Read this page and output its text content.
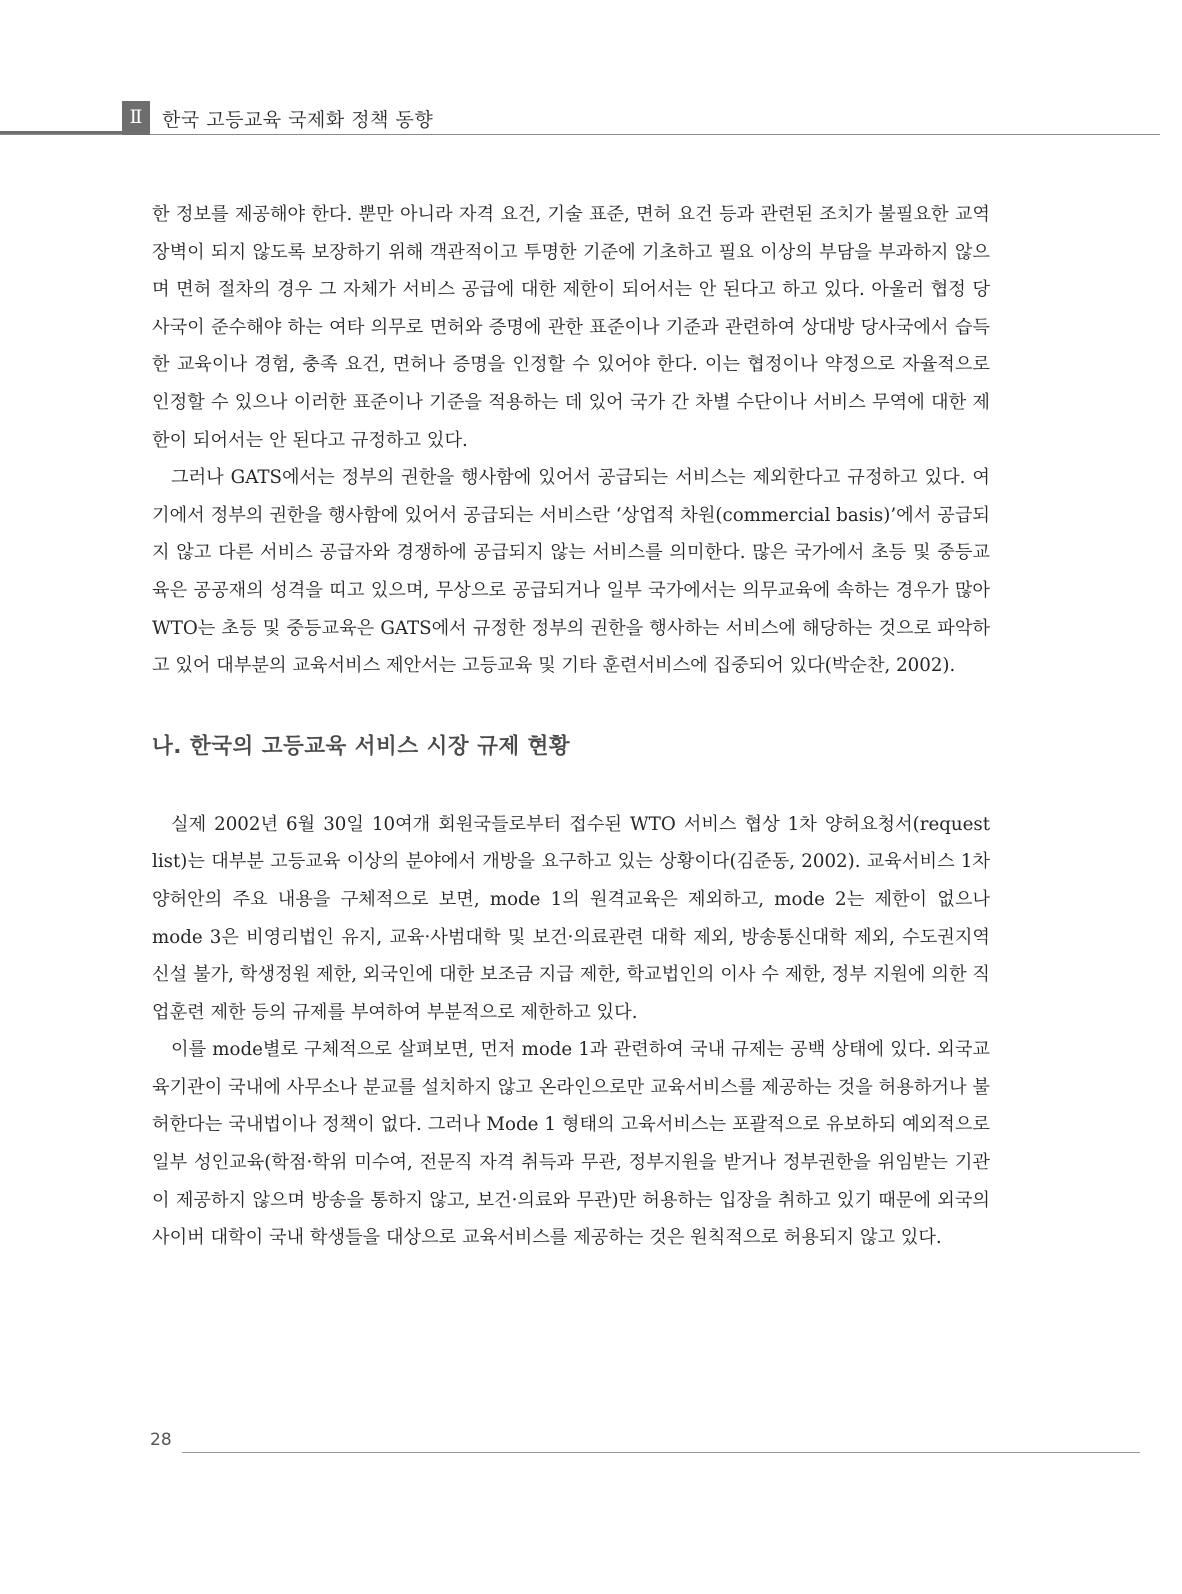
Ⅱ	한국 고등교육 국제화 정책 동향

한 정보를 제공해야 한다. 뿐만 아니라 자격 요건, 기술 표준, 면허 요건 등과 관련된 조치가 불필요한 교역 장벽이 되지 않도록 보장하기 위해 객관적이고 투명한 기준에 기초하고 필요 이상의 부담을 부과하지 않으며 면허 절차의 경우 그 자체가 서비스 공급에 대한 제한이 되어서는 안 된다고 하고 있다. 아울러 협정 당사국이 준수해야 하는 여타 의무로 면허와 증명에 관한 표준이나 기준과 관련하여 상대방 당사국에서 습득한 교육이나 경험, 충족 요건, 면허나 증명을 인정할 수 있어야 한다. 이는 협정이나 약정으로 자율적으로 인정할 수 있으나 이러한 표준이나 기준을 적용하는 데 있어 국가 간 차별 수단이나 서비스 무역에 대한 제한이 되어서는 안 된다고 규정하고 있다.

그러나 GATS에서는 정부의 권한을 행사함에 있어서 공급되는 서비스는 제외한다고 규정하고 있다. 여기에서 정부의 권한을 행사함에 있어서 공급되는 서비스란 ‘상업적 차원(commercial basis)’에서 공급되지 않고 다른 서비스 공급자와 경쟁하에 공급되지 않는 서비스를 의미한다. 많은 국가에서 초등 및 중등교육은 공공재의 성격을 띠고 있으며, 무상으로 공급되거나 일부 국가에서는 의무교육에 속하는 경우가 많아 WTO는 초등 및 중등교육은 GATS에서 규정한 정부의 권한을 행사하는 서비스에 해당하는 것으로 파악하고 있어 대부분의 교육서비스 제안서는 고등교육 및 기타 훈련서비스에 집중되어 있다(박순찬, 2002).

나. 한국의 고등교육 서비스 시장 규제 현황

실제 2002년 6월 30일 10여개 회원국들로부터 접수된 WTO 서비스 협상 1차 양허요청서(request list)는 대부분 고등교육 이상의 분야에서 개방을 요구하고 있는 상황이다(김준동, 2002). 교육서비스 1차 양허안의 주요 내용을 구체적으로 보면, mode 1의 원격교육은 제외하고, mode 2는 제한이 없으나 mode 3은 비영리법인 유지, 교육·사범대학 및 보건·의료관련 대학 제외, 방송통신대학 제외, 수도권지역 신설 불가, 학생정원 제한, 외국인에 대한 보조금 지급 제한, 학교법인의 이사 수 제한, 정부 지원에 의한 직업훈련 제한 등의 규제를 부여하여 부분적으로 제한하고 있다.

이를 mode별로 구체적으로 살펴보면, 먼저 mode 1과 관련하여 국내 규제는 공백 상태에 있다. 외국교육기관이 국내에 사무소나 분교를 설치하지 않고 온라인으로만 교육서비스를 제공하는 것을 허용하거나 불허한다는 국내법이나 정책이 없다. 그러나 Mode 1 형태의 고육서비스는 포괄적으로 유보하되 예외적으로 일부 성인교육(학점·학위 미수여, 전문직 자격 취득과 무관, 정부지원을 받거나 정부권한을 위임받는 기관이 제공하지 않으며 방송을 통하지 않고, 보건·의료와 무관)만 허용하는 입장을 취하고 있기 때문에 외국의 사이버 대학이 국내 학생들을 대상으로 교육서비스를 제공하는 것은 원칙적으로 허용되지 않고 있다.

28
